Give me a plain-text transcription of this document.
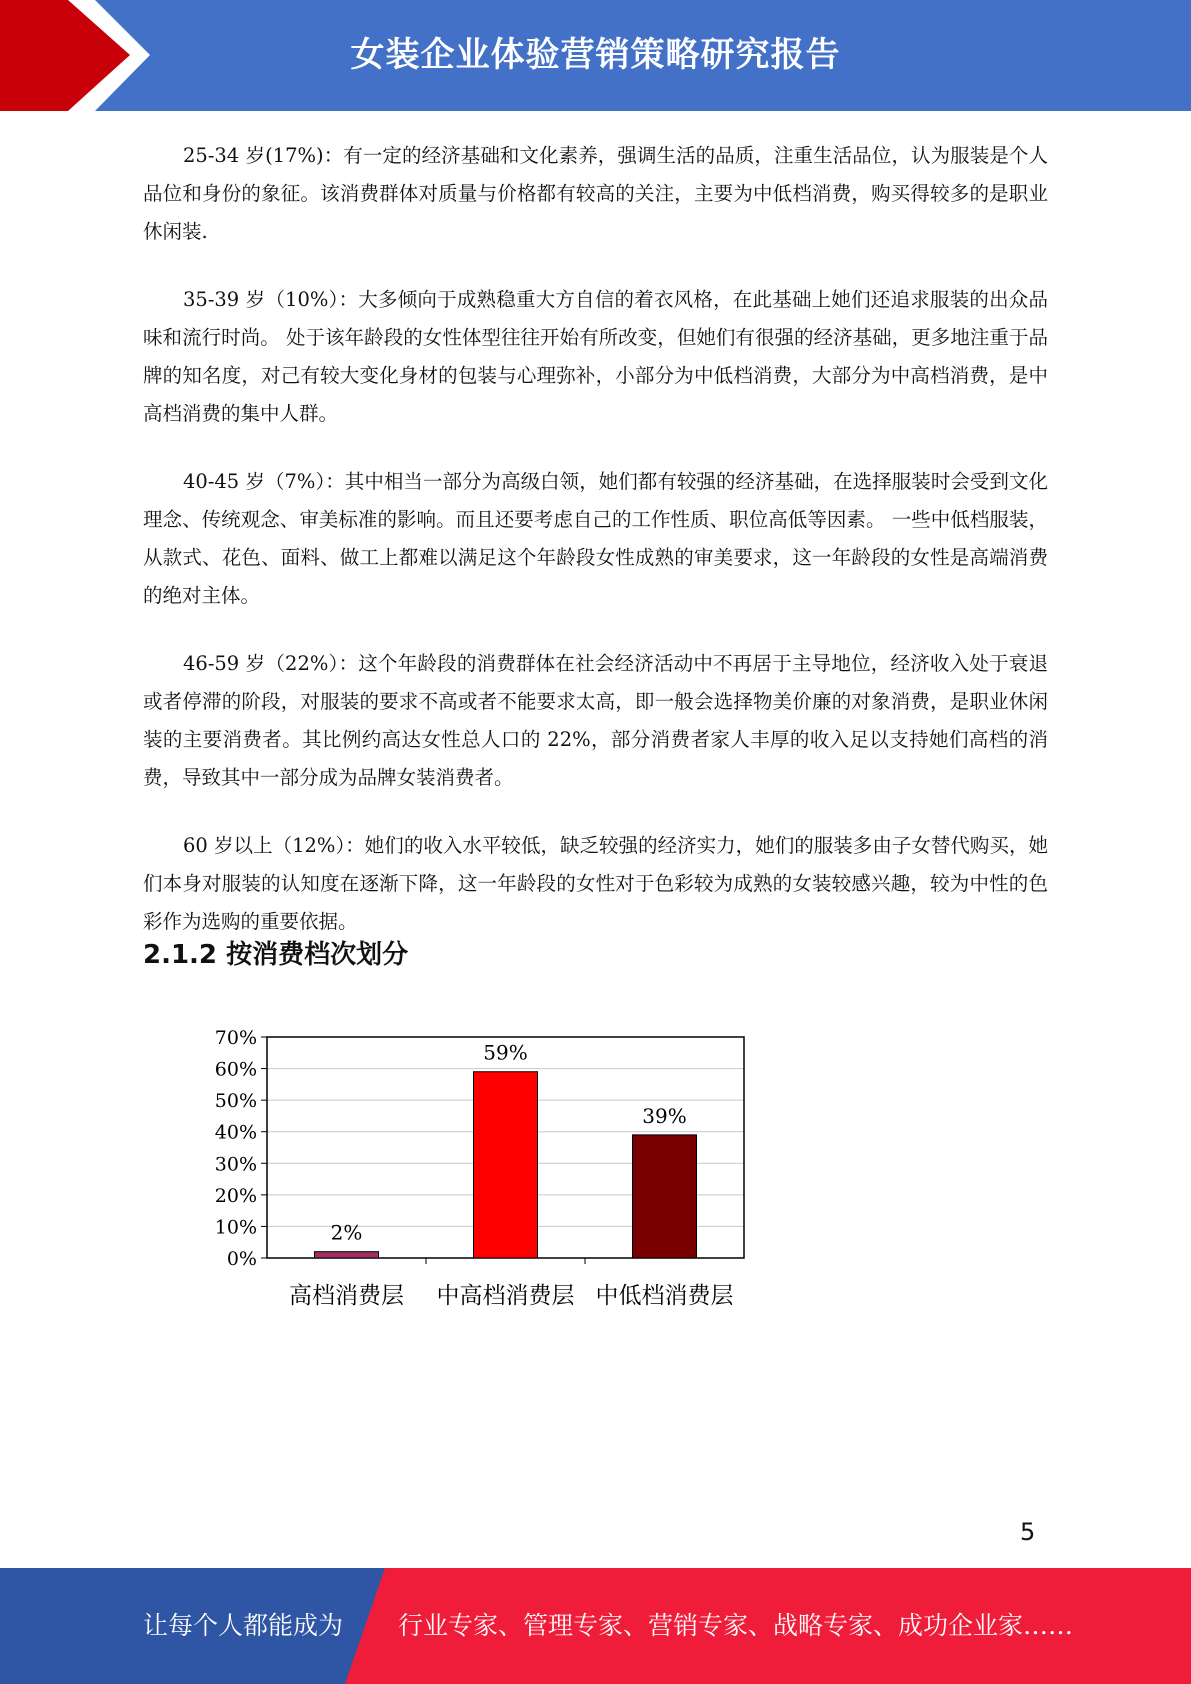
女装企业体验营销策略研究报告

25-34 岁(17%)：有一定的经济基础和文化素养，强调生活的品质，注重生活品位，认为服装是个人品位和身份的象征。该消费群体对质量与价格都有较高的关注，主要为中低档消费，购买得较多的是职业休闲装.

35-39 岁（10%）：大多倾向于成熟稳重大方自信的着衣风格，在此基础上她们还追求服装的出众品味和流行时尚。 处于该年龄段的女性体型往往开始有所改变，但她们有很强的经济基础，更多地注重于品牌的知名度，对己有较大变化身材的包装与心理弥补，小部分为中低档消费，大部分为中高档消费，是中高档消费的集中人群。

40-45 岁（7%）：其中相当一部分为高级白领，她们都有较强的经济基础，在选择服装时会受到文化理念、传统观念、审美标准的影响。而且还要考虑自己的工作性质、职位高低等因素。 一些中低档服装，从款式、花色、面料、做工上都难以满足这个年龄段女性成熟的审美要求，这一年龄段的女性是高端消费的绝对主体。

46-59 岁（22%）：这个年龄段的消费群体在社会经济活动中不再居于主导地位，经济收入处于衰退或者停滞的阶段，对服装的要求不高或者不能要求太高，即一般会选择物美价廉的对象消费，是职业休闲装的主要消费者。其比例约高达女性总人口的 22%，部分消费者家人丰厚的收入足以支持她们高档的消费，导致其中一部分成为品牌女装消费者。

60 岁以上（12%）：她们的收入水平较低，缺乏较强的经济实力，她们的服装多由子女替代购买，她们本身对服装的认知度在逐渐下降，这一年龄段的女性对于色彩较为成熟的女装较感兴趣，较为中性的色彩作为选购的重要依据。

2.1.2 按消费档次划分
0%
10%
20%
30%
40%
50%
60%
70%
2%
高档消费层
59%
中高档消费层
39%
中低档消费层
5
让每个人都能成为 行业专家、管理专家、营销专家、战略专家、成功企业家……
